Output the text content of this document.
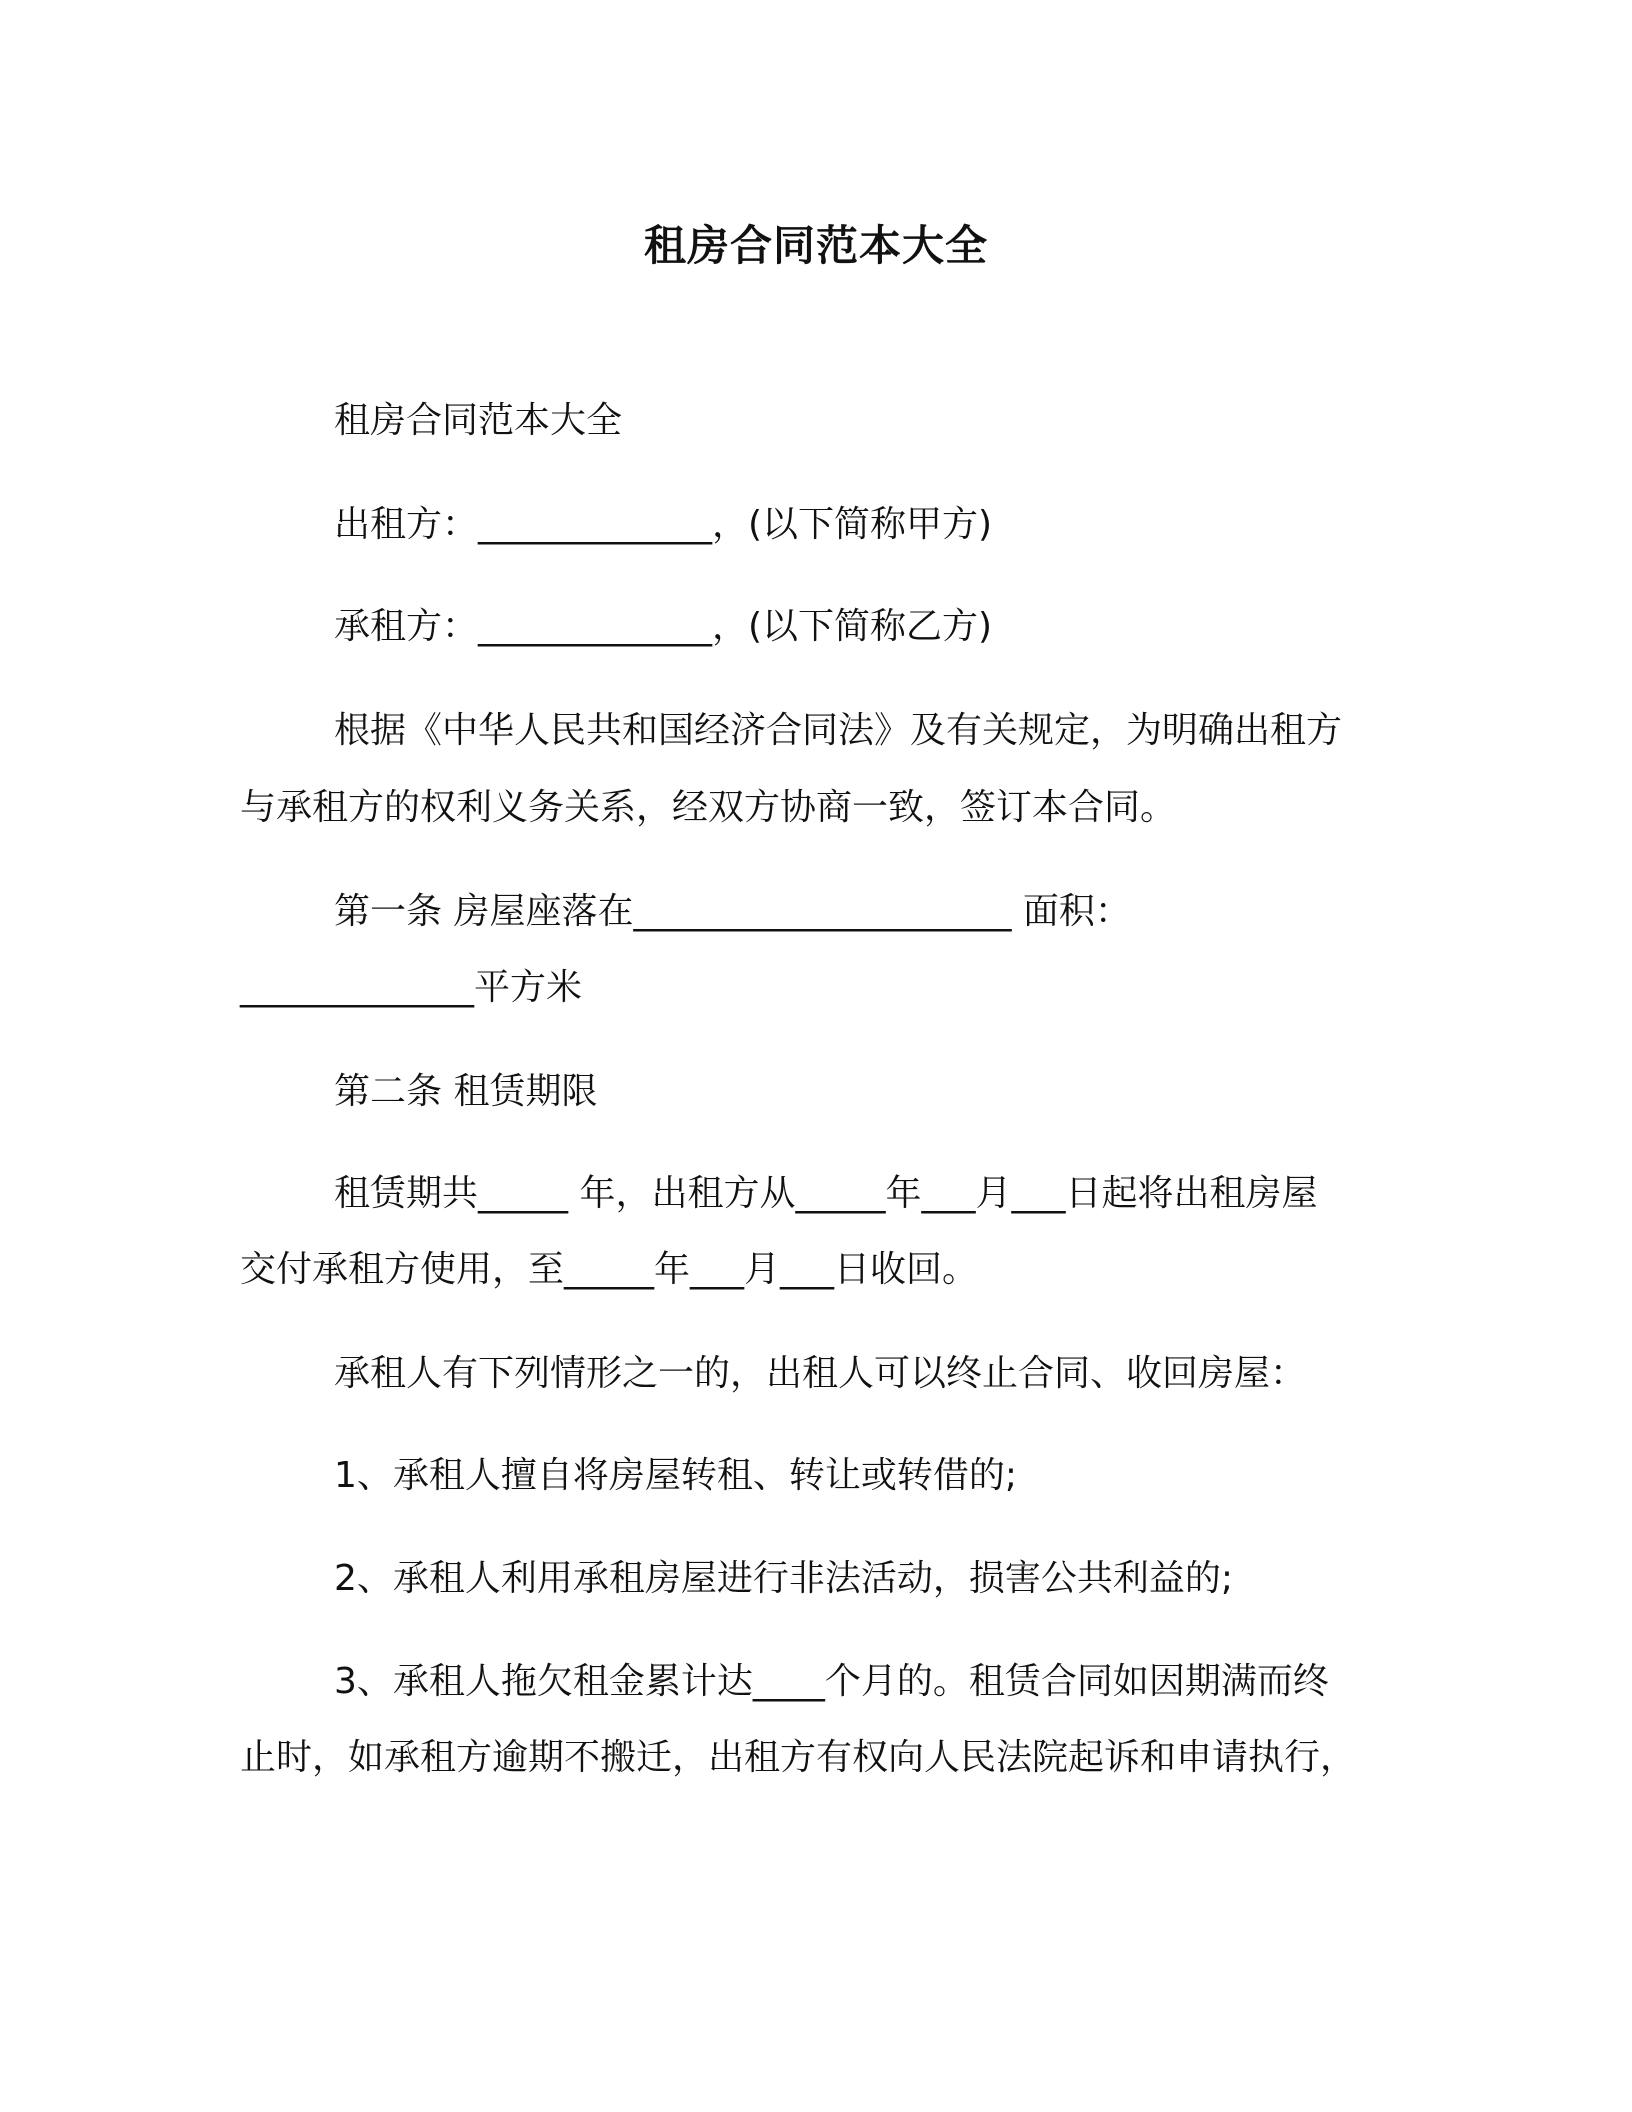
租房合同范本大全
租房合同范本大全
出租方：_____________，(以下简称甲方)
承租方：_____________，(以下简称乙方)
根据《中华人民共和国经济合同法》及有关规定，为明确出租方
与承租方的权利义务关系，经双方协商一致，签订本合同。
第一条 房屋座落在_____________________ 面积：
_____________平方米
第二条 租赁期限
租赁期共_____ 年，出租方从_____年___月___日起将出租房屋
交付承租方使用，至_____年___月___日收回。
承租人有下列情形之一的，出租人可以终止合同、收回房屋：
1、承租人擅自将房屋转租、转让或转借的;
2、承租人利用承租房屋进行非法活动，损害公共利益的;
3、承租人拖欠租金累计达____个月的。租赁合同如因期满而终
止时，如承租方逾期不搬迁，出租方有权向人民法院起诉和申请执行，
